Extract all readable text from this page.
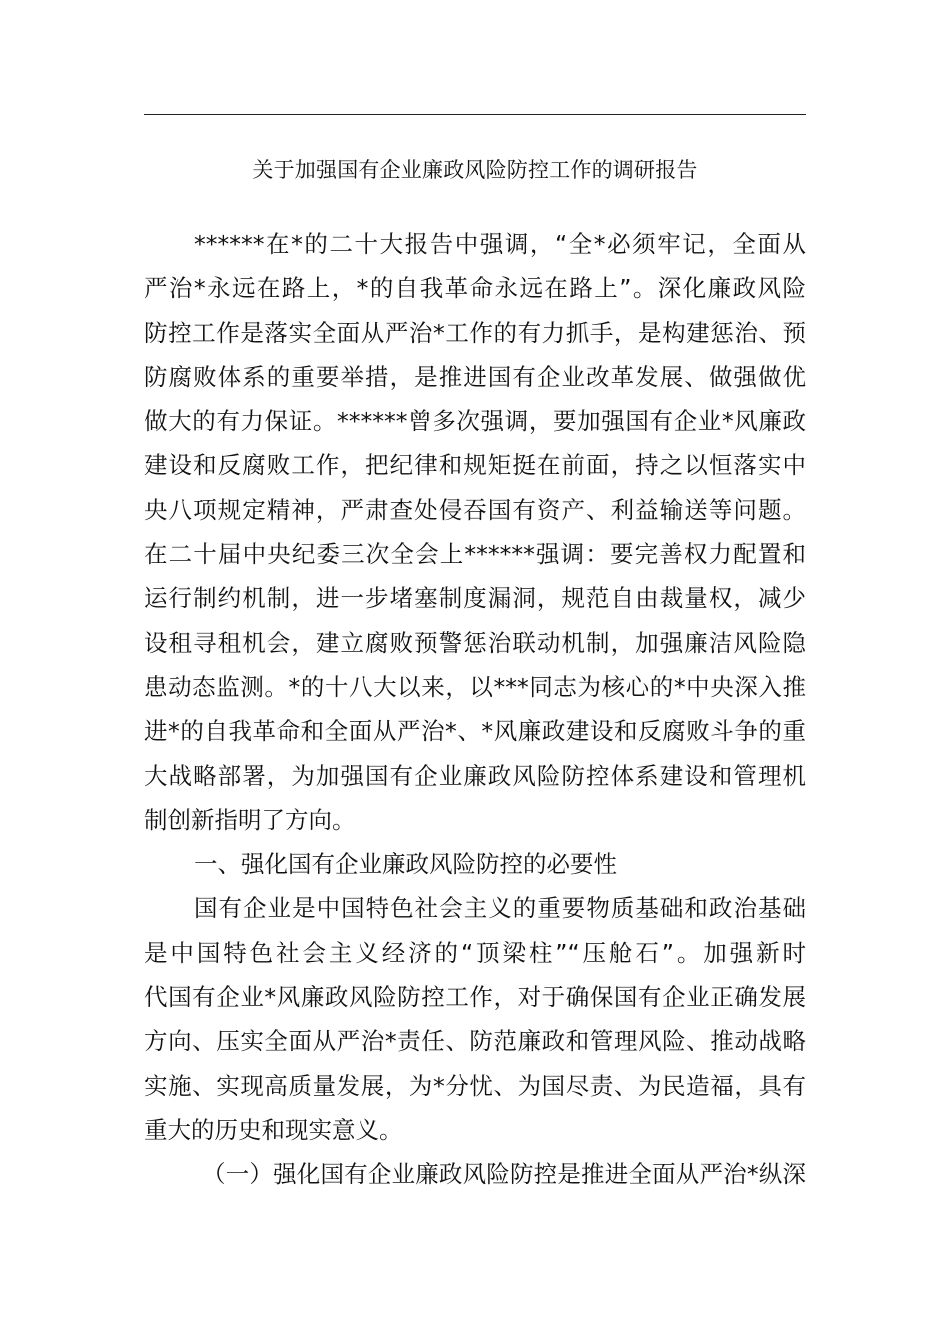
关于加强国有企业廉政风险防控工作的调研报告
******在*的二十大报告中强调，“全*必须牢记，全面从
严治*永远在路上，*的自我革命永远在路上”。深化廉政风险
防控工作是落实全面从严治*工作的有力抓手，是构建惩治、预
防腐败体系的重要举措，是推进国有企业改革发展、做强做优
做大的有力保证。******曾多次强调，要加强国有企业*风廉政
建设和反腐败工作，把纪律和规矩挺在前面，持之以恒落实中
央八项规定精神，严肃查处侵吞国有资产、利益输送等问题。
在二十届中央纪委三次全会上******强调：要完善权力配置和
运行制约机制，进一步堵塞制度漏洞，规范自由裁量权，减少
设租寻租机会，建立腐败预警惩治联动机制，加强廉洁风险隐
患动态监测。*的十八大以来，以***同志为核心的*中央深入推
进*的自我革命和全面从严治*、*风廉政建设和反腐败斗争的重
大战略部署，为加强国有企业廉政风险防控体系建设和管理机
制创新指明了方向。
一、强化国有企业廉政风险防控的必要性
国有企业是中国特色社会主义的重要物质基础和政治基础
是中国特色社会主义经济的“顶梁柱”“压舱石”。加强新时
代国有企业*风廉政风险防控工作，对于确保国有企业正确发展
方向、压实全面从严治*责任、防范廉政和管理风险、推动战略
实施、实现高质量发展，为*分忧、为国尽责、为民造福，具有
重大的历史和现实意义。
（一）强化国有企业廉政风险防控是推进全面从严治*纵深
